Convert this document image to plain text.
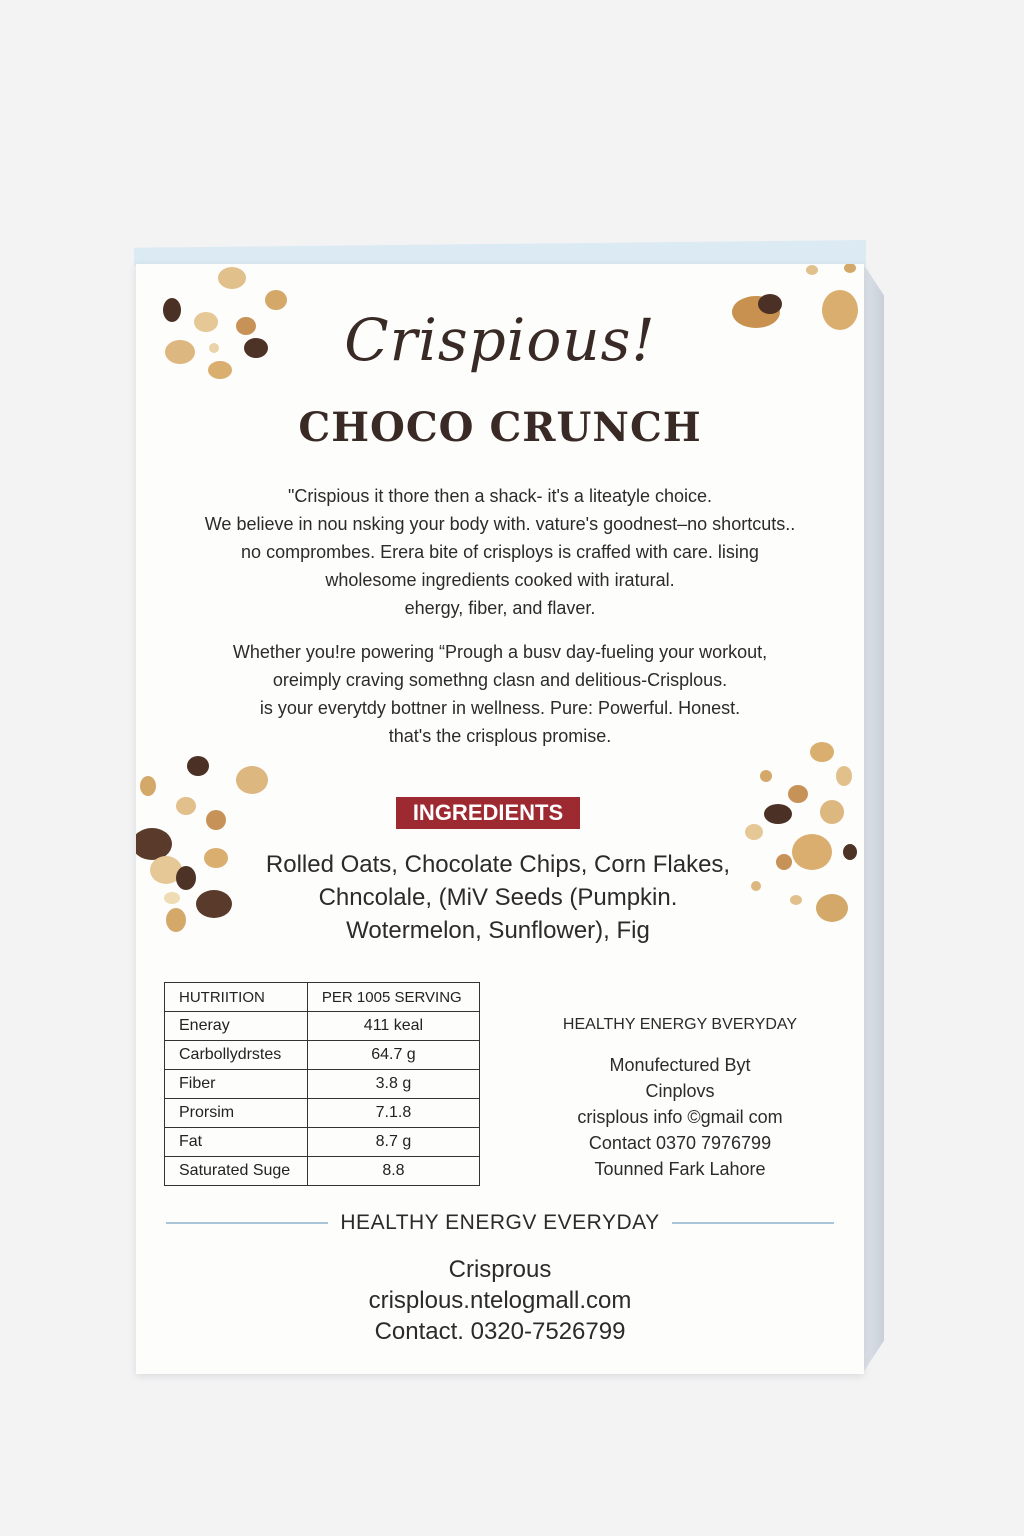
Crispious!
CHOCO CRUNCH
"Crispious it thore then a shack- it's a liteatyle choice.
We believe in nou nsking your body with. vature's goodnest–no shortcuts..
no comprombes. Erera bite of crisploys is craffed with care. lising
wholesome ingredients cooked with iratural.
ehergy, fiber, and flaver.
Whether you!re powering “Prough a busv day-fueling your workout,
oreimply craving somethng clasn and delitious-Crisplous.
is your everytdy bottner in wellness. Pure: Powerful. Honest.
that's the crisplous promise.
INGREDIENTS
Rolled Oats, Chocolate Chips, Corn Flakes,
Chncolale, (MiV Seeds (Pumpkin.
Wotermelon, Sunflower), Fig
HUTRIITION	PER 1005 SERVING
Eneray	411 keal
Carbollydrstes	64.7 g
Fiber	3.8 g
Prorsim	7.1.8
Fat	8.7 g
Saturated Suge	8.8
HEALTHY ENERGY BVERYDAY
Monufectured Byt
Cinplovs
crisplous info ©gmail com
Contact 0370 7976799
Tounned Fark Lahore
HEALTHY ENERGV EVERYDAY
Crisprous
crisplous.ntelogmall.com
Contact. 0320-7526799
